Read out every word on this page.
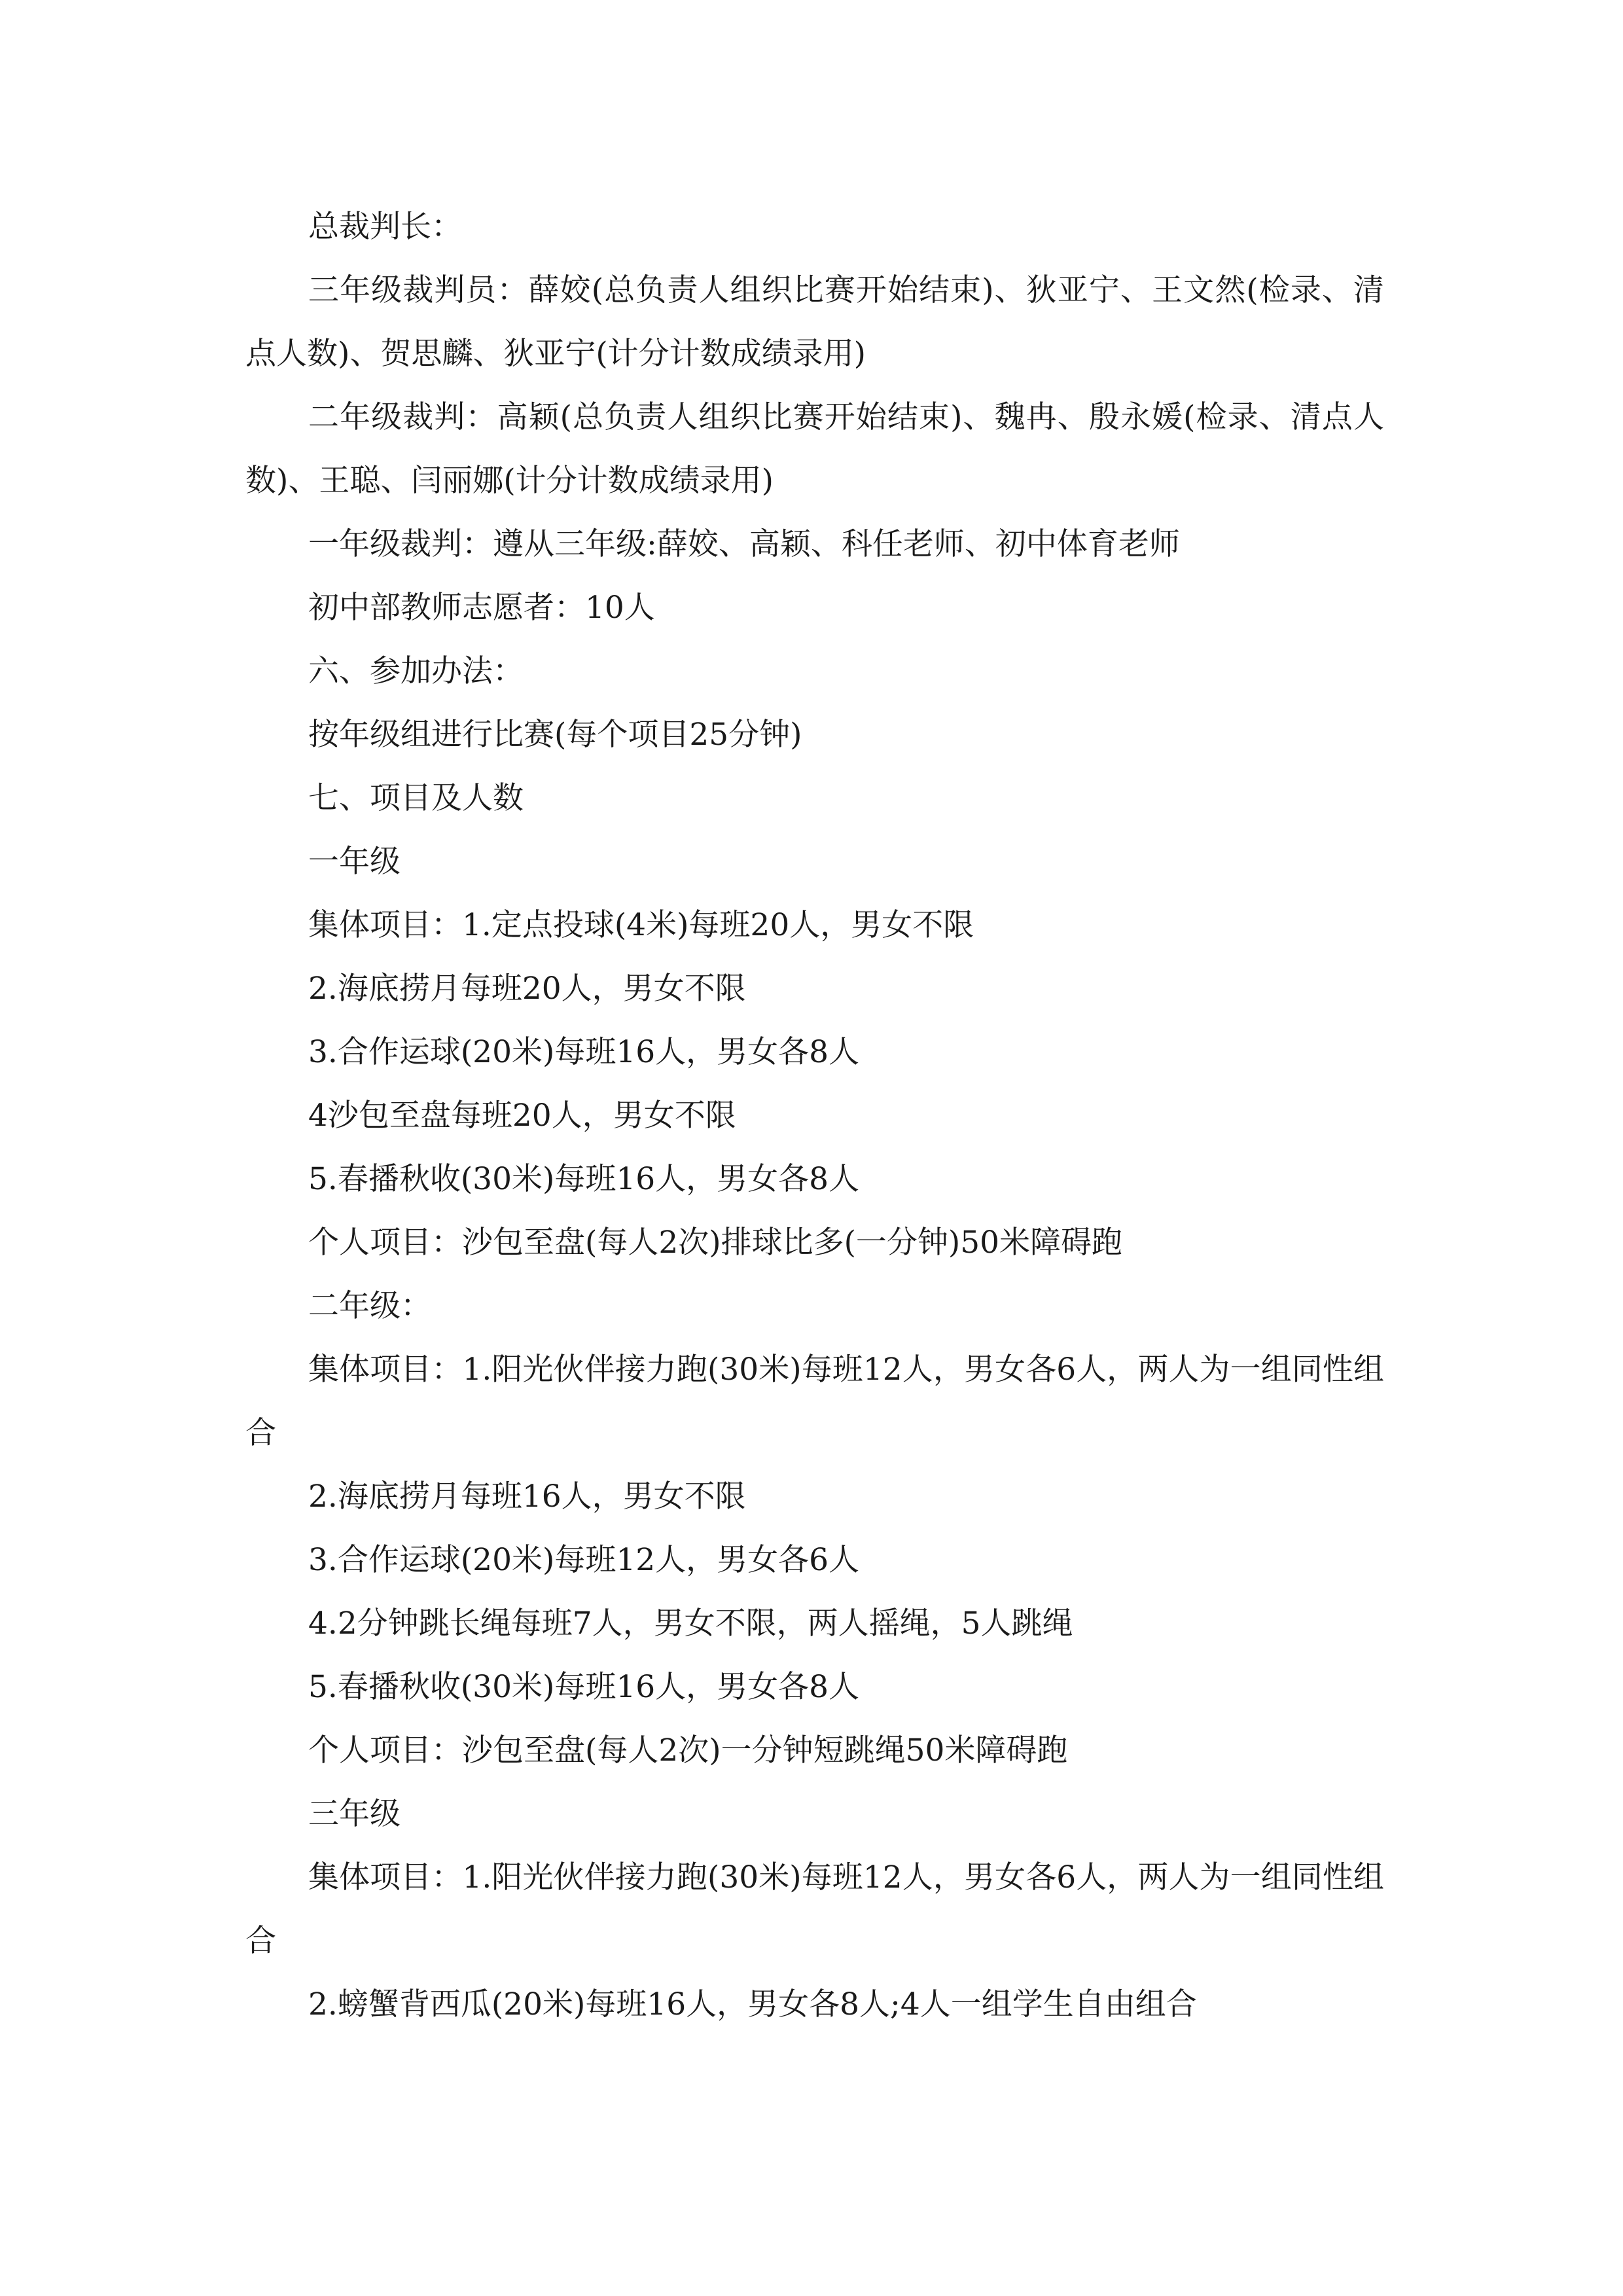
总裁判长：

三年级裁判员：薛姣(总负责人组织比赛开始结束)、狄亚宁、王文然(检录、清点人数)、贺思麟、狄亚宁(计分计数成绩录用)

二年级裁判：高颖(总负责人组织比赛开始结束)、魏冉、殷永媛(检录、清点人数)、王聪、闫丽娜(计分计数成绩录用)

一年级裁判：遵从三年级:薛姣、高颖、科任老师、初中体育老师

初中部教师志愿者：10人

六、参加办法：

按年级组进行比赛(每个项目25分钟)

七、项目及人数

一年级

集体项目：1.定点投球(4米)每班20人，男女不限

2.海底捞月每班20人，男女不限

3.合作运球(20米)每班16人，男女各8人

4沙包至盘每班20人，男女不限

5.春播秋收(30米)每班16人，男女各8人

个人项目：沙包至盘(每人2次)排球比多(一分钟)50米障碍跑

二年级：

集体项目：1.阳光伙伴接力跑(30米)每班12人，男女各6人，两人为一组同性组合

2.海底捞月每班16人，男女不限

3.合作运球(20米)每班12人，男女各6人

4.2分钟跳长绳每班7人，男女不限，两人摇绳，5人跳绳

5.春播秋收(30米)每班16人，男女各8人

个人项目：沙包至盘(每人2次)一分钟短跳绳50米障碍跑

三年级

集体项目：1.阳光伙伴接力跑(30米)每班12人，男女各6人，两人为一组同性组合

2.螃蟹背西瓜(20米)每班16人，男女各8人;4人一组学生自由组合
